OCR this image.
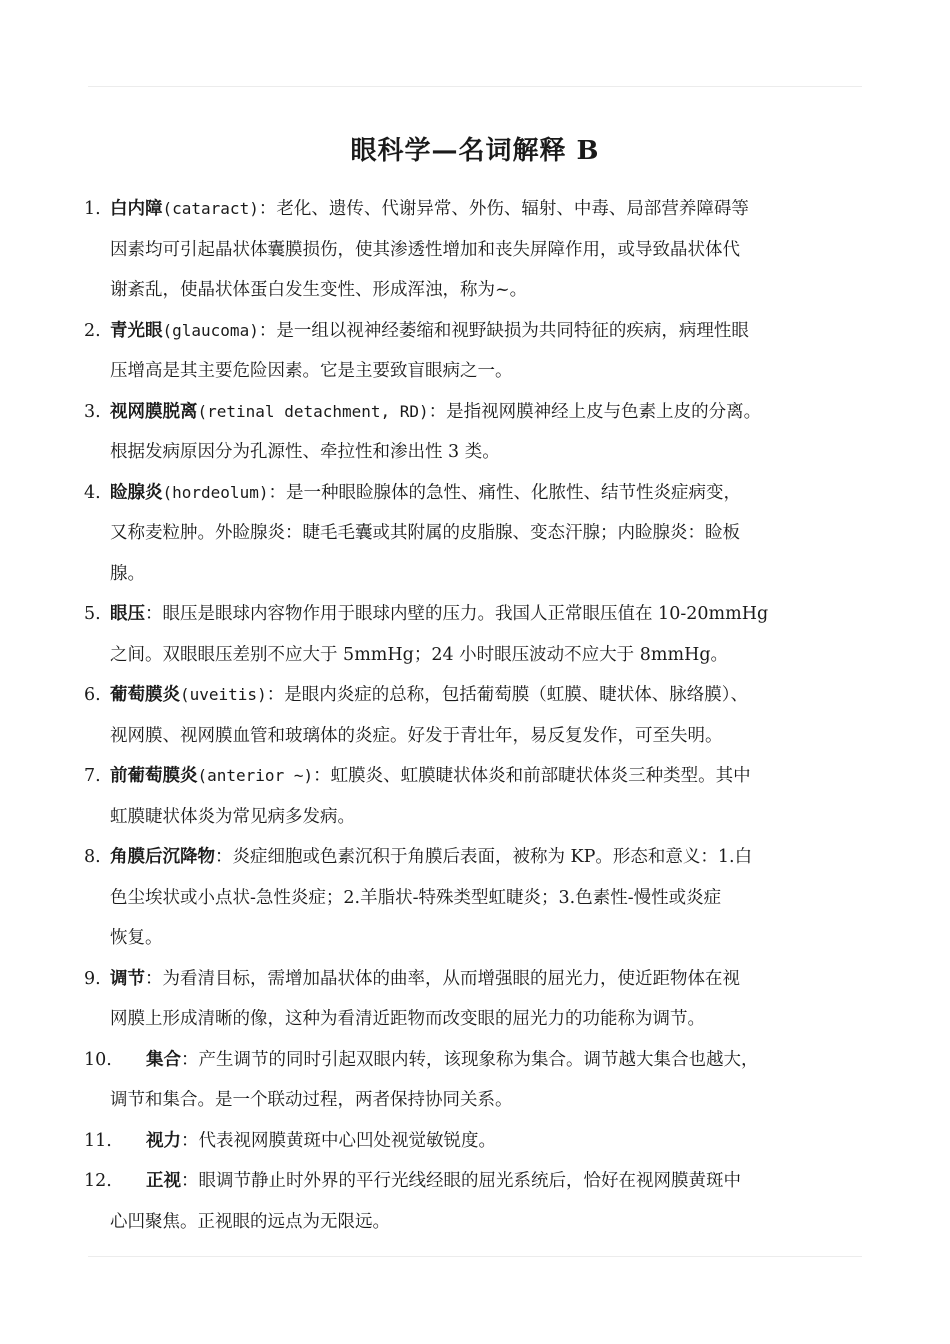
眼科学—名词解释 B
1. 白内障(cataract)：老化、遗传、代谢异常、外伤、辐射、中毒、局部营养障碍等
因素均可引起晶状体囊膜损伤，使其渗透性增加和丧失屏障作用，或导致晶状体代
谢紊乱，使晶状体蛋白发生变性、形成浑浊，称为~。
2. 青光眼(glaucoma)：是一组以视神经萎缩和视野缺损为共同特征的疾病，病理性眼
压增高是其主要危险因素。它是主要致盲眼病之一。
3. 视网膜脱离(retinal detachment, RD)：是指视网膜神经上皮与色素上皮的分离。
根据发病原因分为孔源性、牵拉性和渗出性 3 类。
4. 睑腺炎(hordeolum)：是一种眼睑腺体的急性、痛性、化脓性、结节性炎症病变，
又称麦粒肿。外睑腺炎：睫毛毛囊或其附属的皮脂腺、变态汗腺；内睑腺炎：睑板
腺。
5. 眼压：眼压是眼球内容物作用于眼球内壁的压力。我国人正常眼压值在 10-20mmHg
之间。双眼眼压差别不应大于 5mmHg；24 小时眼压波动不应大于 8mmHg。
6. 葡萄膜炎(uveitis)：是眼内炎症的总称，包括葡萄膜（虹膜、睫状体、脉络膜）、
视网膜、视网膜血管和玻璃体的炎症。好发于青壮年，易反复发作，可至失明。
7. 前葡萄膜炎(anterior ~)：虹膜炎、虹膜睫状体炎和前部睫状体炎三种类型。其中
虹膜睫状体炎为常见病多发病。
8. 角膜后沉降物：炎症细胞或色素沉积于角膜后表面，被称为 KP。形态和意义：1.白
色尘埃状或小点状-急性炎症；2.羊脂状-特殊类型虹睫炎；3.色素性-慢性或炎症
恢复。
9. 调节：为看清目标，需增加晶状体的曲率，从而增强眼的屈光力，使近距物体在视
网膜上形成清晰的像，这种为看清近距物而改变眼的屈光力的功能称为调节。
10.	集合：产生调节的同时引起双眼内转，该现象称为集合。调节越大集合也越大，
调节和集合。是一个联动过程，两者保持协同关系。
11.	视力：代表视网膜黄斑中心凹处视觉敏锐度。
12.	正视：眼调节静止时外界的平行光线经眼的屈光系统后，恰好在视网膜黄斑中
心凹聚焦。正视眼的远点为无限远。
